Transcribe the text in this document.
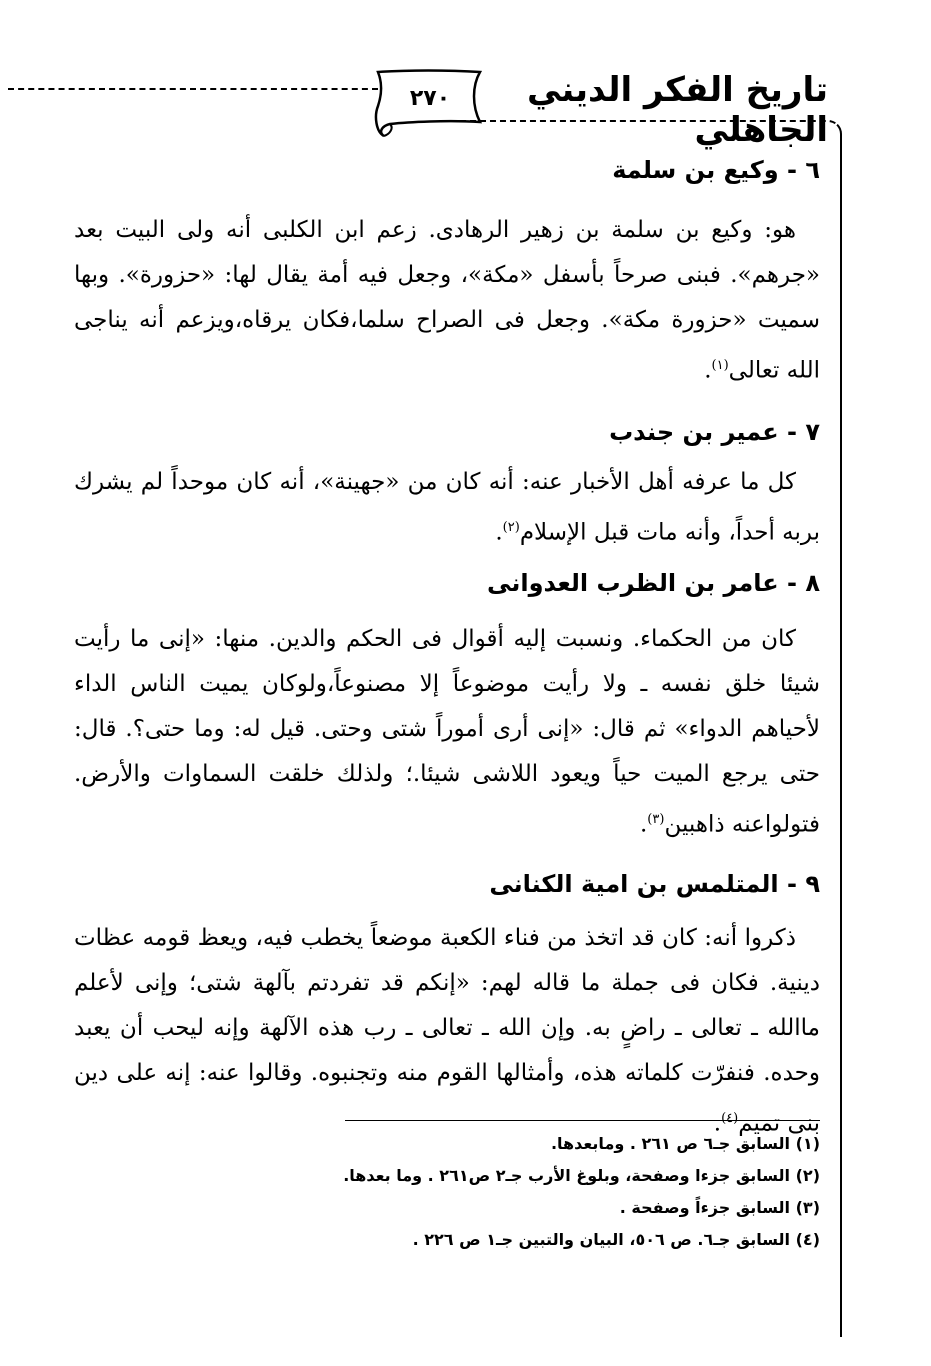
٢٧٠	تاريخ الفكر الديني الجاهلي

٦ - وكيع بن سلمة

هو: وكيع بن سلمة بن زهير الرهادى. زعم ابن الكلبى أنه ولى البيت بعد «جرهم». فبنى صرحاً بأسفل «مكة»، وجعل فيه أمة يقال لها: «حزورة». وبها سميت «حزورة مكة». وجعل فى الصراح سلما،فكان يرقاه،ويزعم أنه يناجى الله تعالى$^{(١)}$.

٧ - عمير بن جندب

كل ما عرفه أهل الأخبار عنه: أنه كان من «جهينة»، أنه كان موحداً لم يشرك بربه أحداً، وأنه مات قبل الإسلام$^{(٢)}$.

٨ - عامر بن الظرب العدوانى

كان من الحكماء. ونسبت إليه أقوال فى الحكم والدين. منها: «إنى ما رأيت شيئا خلق نفسه ـ ولا رأيت موضوعاً إلا مصنوعاً،ولوكان يميت الناس الداء لأحياهم الدواء» ثم قال: «إنى أرى أموراً شتى وحتى. قيل له: وما حتى؟. قال: حتى يرجع الميت حياً ويعود اللاشى شيئا.؛ ولذلك خلقت السماوات والأرض. فتولواعنه ذاهبين$^{(٣)}$.

٩ - المتلمس بن امية الكنانى

ذكروا أنه: كان قد اتخذ من فناء الكعبة موضعاً يخطب فيه، ويعظ قومه عظات دينية. فكان فى جملة ما قاله لهم: «إنكم قد تفردتم بآلهة شتى؛ وإنى لأعلم ماالله ـ تعالى ـ راضٍ به. وإن الله ـ تعالى ـ رب هذه الآلهة وإنه ليحب أن يعبد وحده. فنفرّت كلماته هذه، وأمثالها القوم منه وتجنبوه. وقالوا عنه: إنه على دين بنى تميم$^{(٤)}$.

(١) السابق جـ٦ ص ٢٦١ . ومابعدها.

(٢) السابق جزءا وصفحة، وبلوغ الأرب جـ٢ ص٢٦١ . وما بعدها.

(٣) السابق جزءاً وصفحة .

(٤) السابق جـ٦. ص ٥٠٦، البيان والتبين جـ١ ص ٢٢٦ .
